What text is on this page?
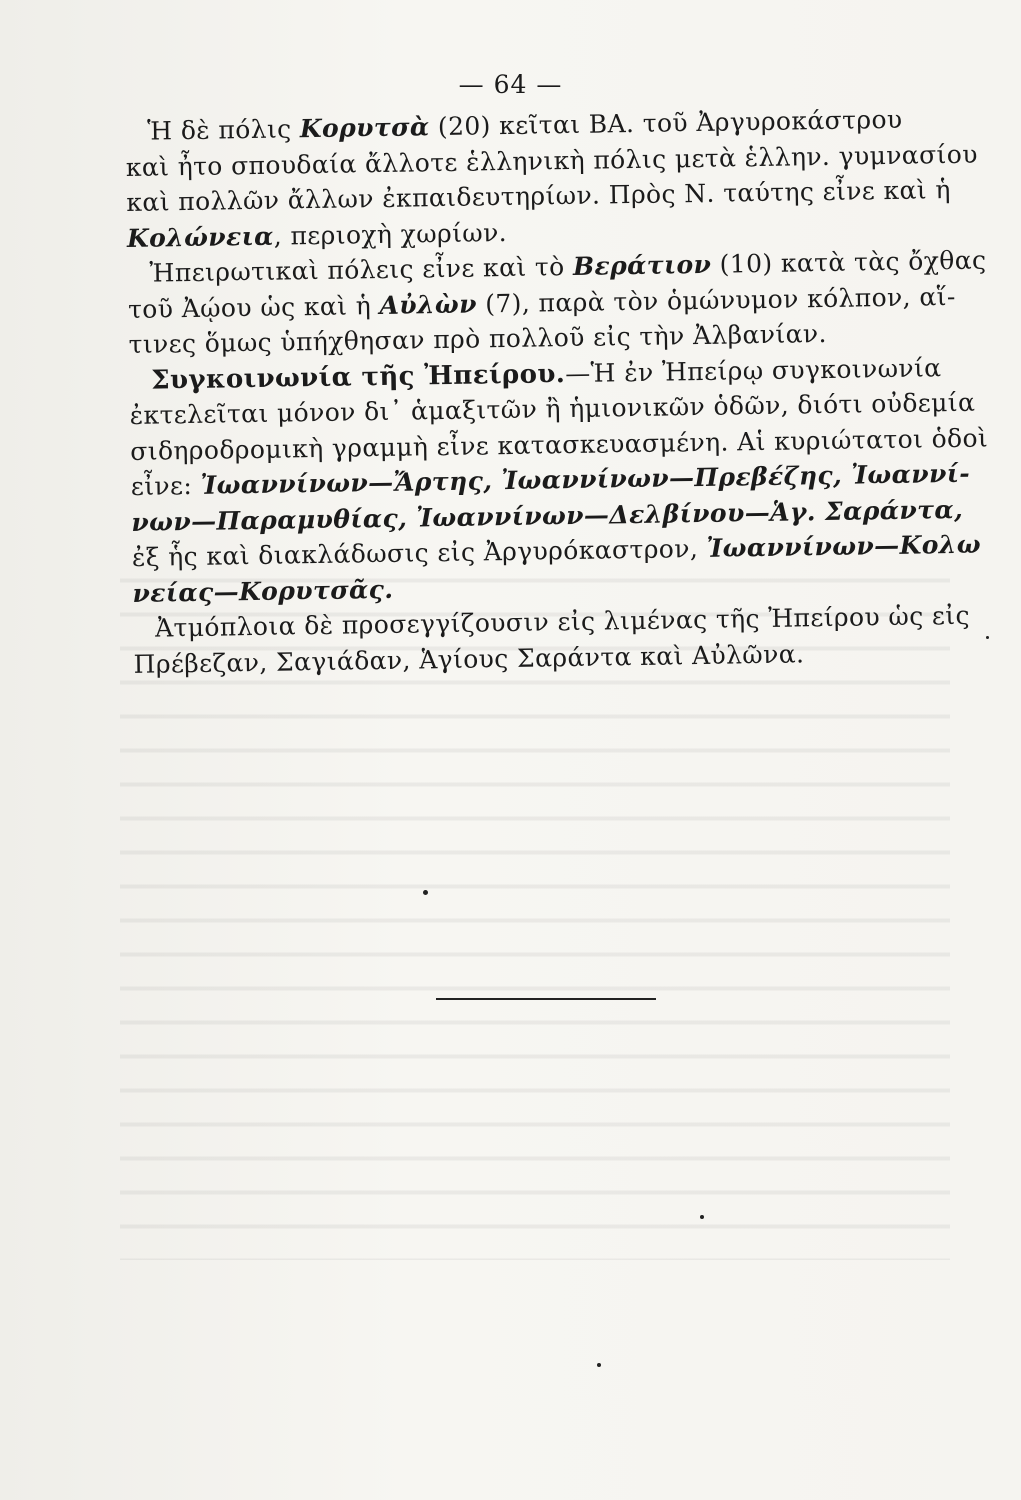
— 64 —
Ἡ δὲ πόλις Κορυτσὰ (20) κεῖται ΒΑ. τοῦ Ἀργυροκάστρου
καὶ ἦτο σπουδαία ἄλλοτε ἑλληνικὴ πόλις μετὰ ἑλλην. γυμνασίου
καὶ πολλῶν ἄλλων ἐκπαιδευτηρίων. Πρὸς Ν. ταύτης εἶνε καὶ ἡ
Κολώνεια, περιοχὴ χωρίων.
Ἠπειρωτικαὶ πόλεις εἶνε καὶ τὸ Βεράτιον (10) κατὰ τὰς ὄχθας
τοῦ Ἀῴου ὡς καὶ ἡ Αὐλὼν (7), παρὰ τὸν ὁμώνυμον κόλπον, αἵ-
τινες ὅμως ὑπήχθησαν πρὸ πολλοῦ εἰς τὴν Ἀλβανίαν.
Συγκοινωνία τῆς Ἠπείρου.—Ἡ ἐν Ἠπείρῳ συγκοινωνία
ἐκτελεῖται μόνον δι᾽ ἁμαξιτῶν ἢ ἡμιονικῶν ὁδῶν, διότι οὐδεμία
σιδηροδρομικὴ γραμμὴ εἶνε κατασκευασμένη. Αἱ κυριώτατοι ὁδοὶ
εἶνε: Ἰωαννίνων—Ἄρτης, Ἰωαννίνων—Πρεβέζης, Ἰωαννί-
νων—Παραμυθίας, Ἰωαννίνων—Δελβίνου—Ἁγ. Σαράντα,
ἐξ ἧς καὶ διακλάδωσις εἰς Ἀργυρόκαστρον, Ἰωαννίνων—Κολω
νείας—Κορυτσᾶς.
Ἀτμόπλοια δὲ προσεγγίζουσιν εἰς λιμένας τῆς Ἠπείρου ὡς εἰς
Πρέβεζαν, Σαγιάδαν, Ἁγίους Σαράντα καὶ Αὐλῶνα.
